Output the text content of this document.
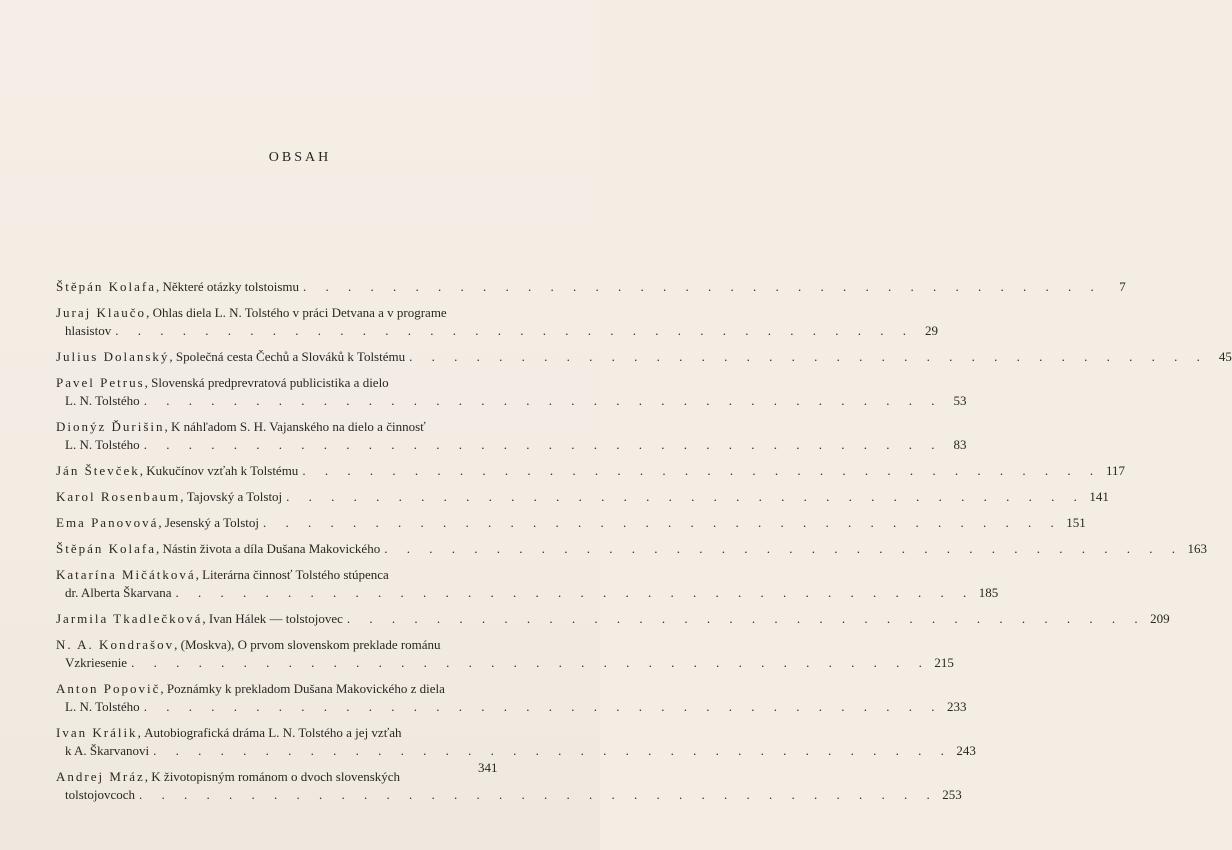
OBSAH
Štěpán Kolafa , Některé otázky tolstoismu . . . . . . . . . . . . . . . . . . . . . . . . . . . . . . . . . . . .	7
Juraj Klaučo , Ohlas diela L. N. Tolstého v práci Detvana a v programe
hlasistov . . . . . . . . . . . . . . . . . . . . . . . . . . . . . . . . . . . . 29
Julius Dolanský , Společná cesta Čechů a Slováků k Tolstému . . . . . . . . . . . . . . . . . . . . . . . . . . . . . . . . . . . . 45
Pavel Petrus , Slovenská predprevratová publicistika a dielo
L. N. Tolstého . . . . . . . . . . . . . . . . . . . . . . . . . . . . . . . . . . . . 53
Dionýz Ďurišin , K náhľadom S. H. Vajanského na dielo a činnosť
L. N. Tolstého . . . . . . . . . . . . . . . . . . . . . . . . . . . . . . . . . . . . 83
Ján Števček , Kukučínov vzťah k Tolstému . . . . . . . . . . . . . . . . . . . . . . . . . . . . . . . . . . . . 117
Karol Rosenbaum , Tajovský a Tolstoj . . . . . . . . . . . . . . . . . . . . . . . . . . . . . . . . . . . . 141
Ema Panovová , Jesenský a Tolstoj . . . . . . . . . . . . . . . . . . . . . . . . . . . . . . . . . . . . 151
Štěpán Kolafa , Nástin života a díla Dušana Makovického . . . . . . . . . . . . . . . . . . . . . . . . . . . . . . . . . . . . 163
Katarína Mičátková , Literárna činnosť Tolstého stúpenca
dr. Alberta Škarvana . . . . . . . . . . . . . . . . . . . . . . . . . . . . . . . . . . . . 185
Jarmila Tkadlečková , Ivan Hálek — tolstojovec . . . . . . . . . . . . . . . . . . . . . . . . . . . . . . . . . . . . 209
N. A. Kondrašov , (Moskva), O prvom slovenskom preklade románu
Vzkriesenie . . . . . . . . . . . . . . . . . . . . . . . . . . . . . . . . . . . . 215
Anton Popovič , Poznámky k prekladom Dušana Makovického z diela
L. N. Tolstého . . . . . . . . . . . . . . . . . . . . . . . . . . . . . . . . . . . . 233
Ivan Králik , Autobiografická dráma L. N. Tolstého a jej vzťah
k A. Škarvanovi . . . . . . . . . . . . . . . . . . . . . . . . . . . . . . . . . . . . 243
Andrej Mráz , K životopisným románom o dvoch slovenských
tolstojovcoch . . . . . . . . . . . . . . . . . . . . . . . . . . . . . . . . . . . . 253
341
